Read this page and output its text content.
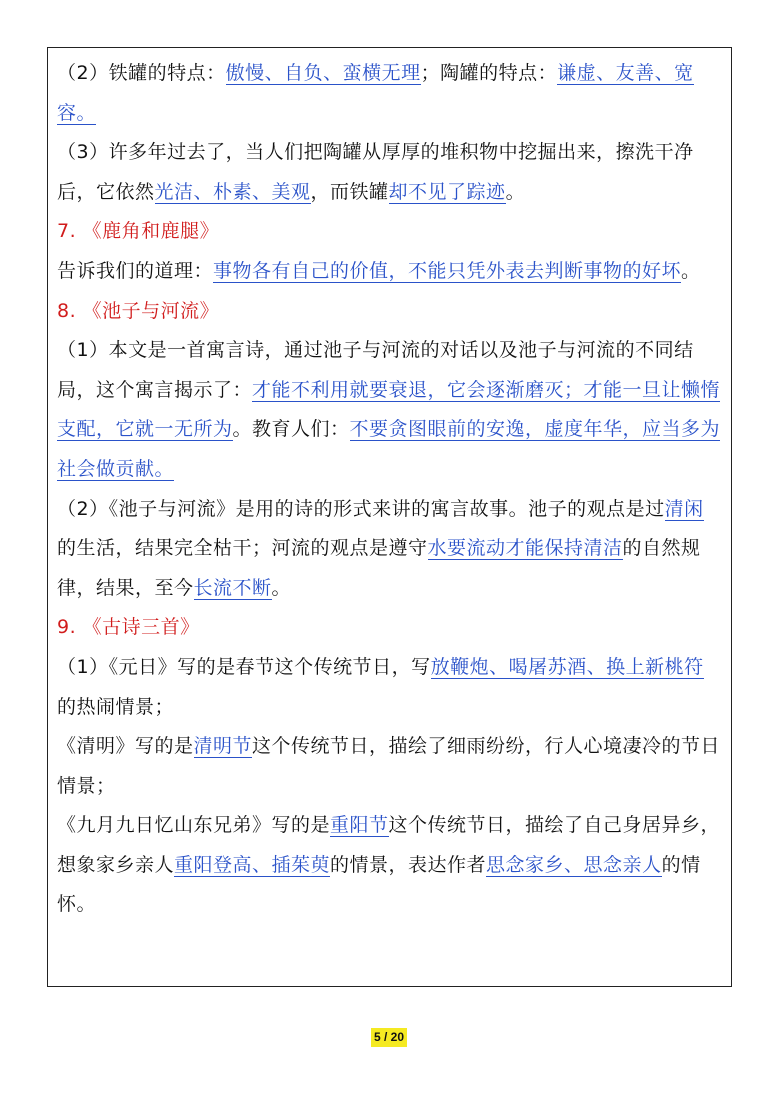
（2）铁罐的特点：傲慢、自负、蛮横无理；陶罐的特点：谦虚、友善、宽容。

（3）许多年过去了，当人们把陶罐从厚厚的堆积物中挖掘出来，擦洗干净后，它依然光洁、朴素、美观，而铁罐却不见了踪迹。

7. 《鹿角和鹿腿》

告诉我们的道理：事物各有自己的价值，不能只凭外表去判断事物的好坏。

8. 《池子与河流》

（1）本文是一首寓言诗，通过池子与河流的对话以及池子与河流的不同结局，这个寓言揭示了：才能不利用就要衰退，它会逐渐磨灭；才能一旦让懒惰支配，它就一无所为。教育人们：不要贪图眼前的安逸，虚度年华，应当多为社会做贡献。

（2）《池子与河流》是用的诗的形式来讲的寓言故事。池子的观点是过清闲的生活，结果完全枯干；河流的观点是遵守水要流动才能保持清洁的自然规律，结果，至今长流不断。

9. 《古诗三首》

（1）《元日》写的是春节这个传统节日，写放鞭炮、喝屠苏酒、换上新桃符的热闹情景；

《清明》写的是清明节这个传统节日，描绘了细雨纷纷，行人心境凄冷的节日情景；

《九月九日忆山东兄弟》写的是重阳节这个传统节日，描绘了自己身居异乡，想象家乡亲人重阳登高、插茱萸的情景，表达作者思念家乡、思念亲人的情怀。

5 / 20
